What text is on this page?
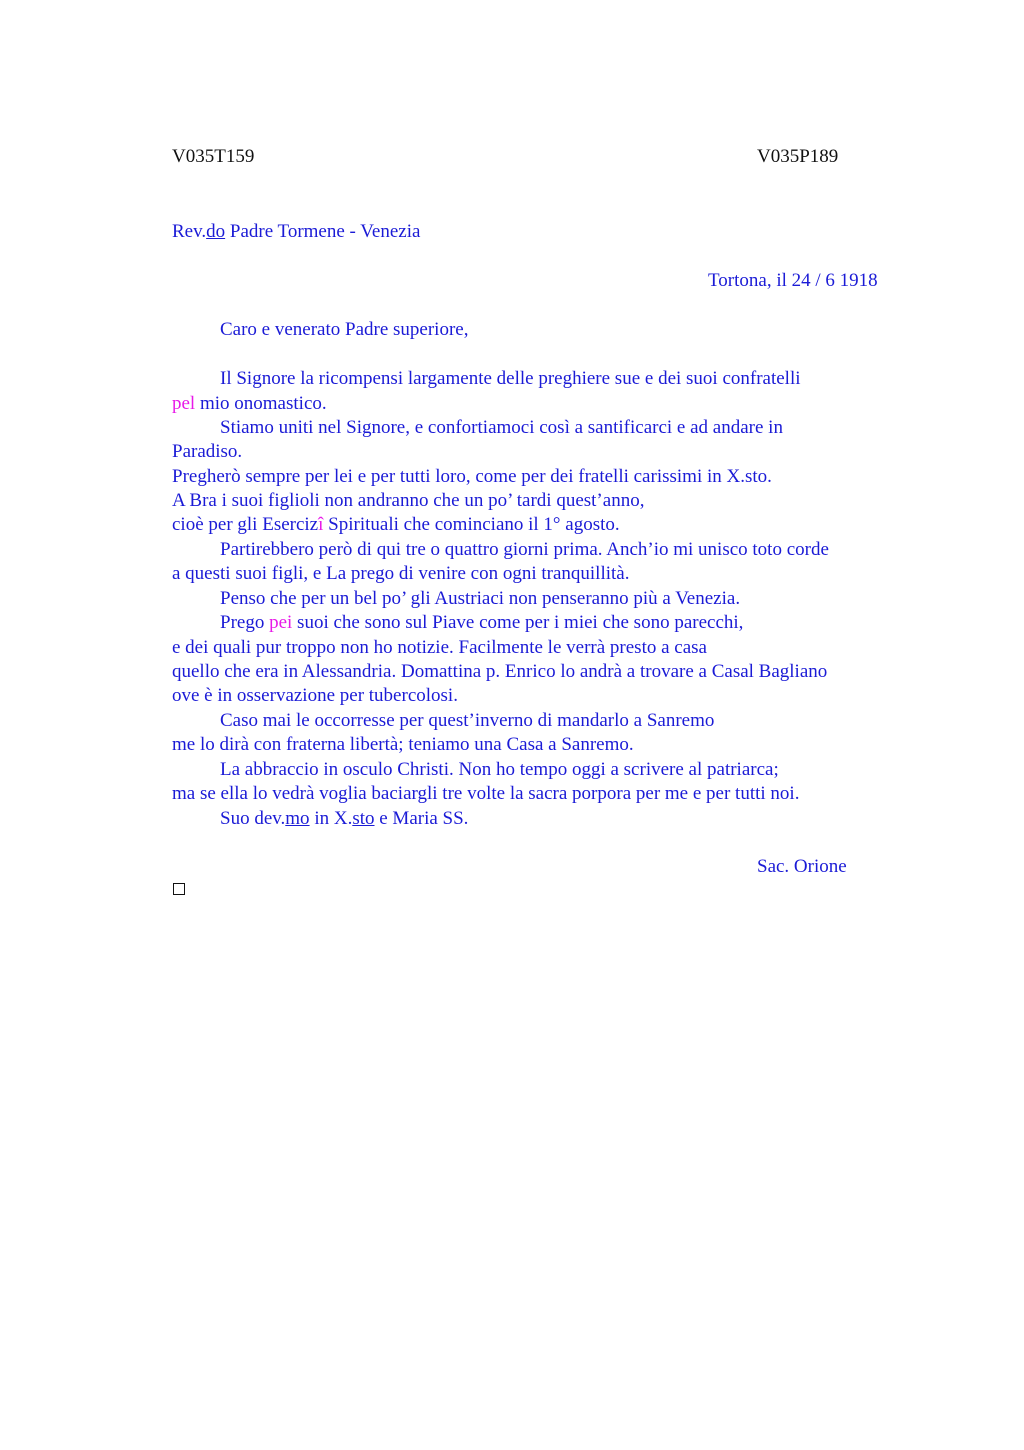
V035T159	V035P189
Rev.do Padre Tormene - Venezia
Tortona, il 24 / 6 1918
Caro e venerato Padre superiore,
Il Signore la ricompensi largamente delle preghiere sue e dei suoi confratelli
pel mio onomastico.
Stiamo uniti nel Signore, e confortiamoci così a santificarci e ad andare in
Paradiso.
Pregherò sempre per lei e per tutti loro, come per dei fratelli carissimi in X.sto.
A Bra i suoi figlioli non andranno che un po’ tardi quest’anno,
cioè per gli Esercizî Spirituali che cominciano il 1° agosto.
Partirebbero però di qui tre o quattro giorni prima. Anch’io mi unisco toto corde
a questi suoi figli, e La prego di venire con ogni tranquillità.
Penso che per un bel po’ gli Austriaci non penseranno più a Venezia.
Prego pei suoi che sono sul Piave come per i miei che sono parecchi,
e dei quali pur troppo non ho notizie. Facilmente le verrà presto a casa
quello che era in Alessandria. Domattina p. Enrico lo andrà a trovare a Casal Bagliano
ove è in osservazione per tubercolosi.
Caso mai le occorresse per quest’inverno di mandarlo a Sanremo
me lo dirà con fraterna libertà; teniamo una Casa a Sanremo.
La abbraccio in osculo Christi. Non ho tempo oggi a scrivere al patriarca;
ma se ella lo vedrà voglia baciargli tre volte la sacra porpora per me e per tutti noi.
Suo dev.mo in X.sto e Maria SS.
Sac. Orione
